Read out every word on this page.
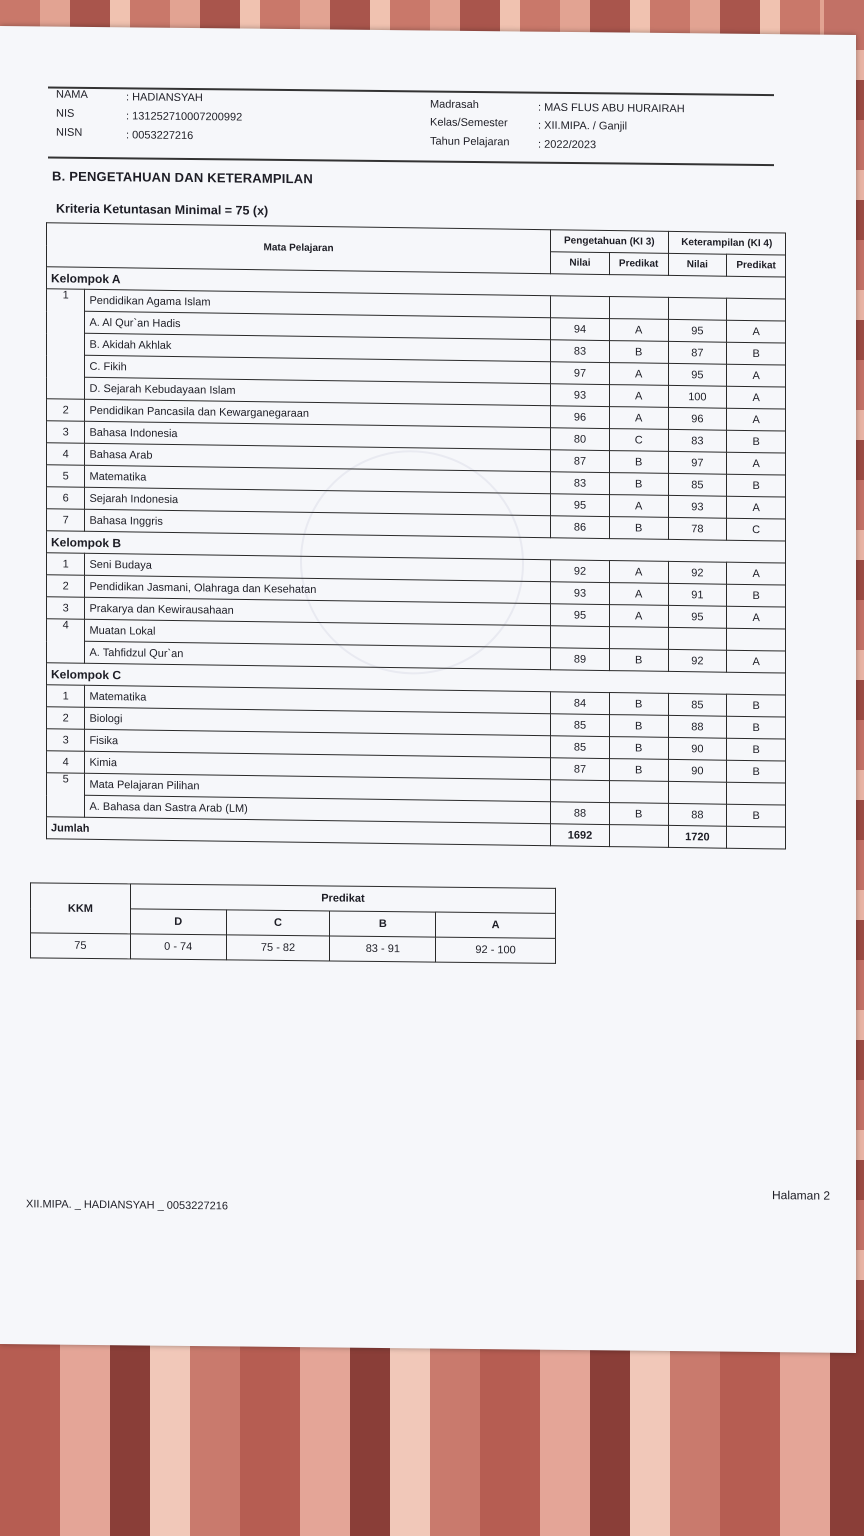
NAMA	: HADIANSYAH
NIS	: 131252710007200992
NISN	: 0053227216
Madrasah	: MAS FLUS ABU HURAIRAH
Kelas/Semester	: XII.MIPA. / Ganjil
Tahun Pelajaran	: 2022/2023
B. PENGETAHUAN DAN KETERAMPILAN
Kriteria Ketuntasan Minimal = 75 (x)
Mata Pelajaran		Pengetahuan (KI 3)		Keterampilan (KI 4)	
		Nilai	Predikat	Nilai	Predikat
Kelompok A					
1	Pendidikan Agama Islam				
	A. Al Qur`an Hadis	94	A	95	A
	B. Akidah Akhlak	83	B	87	B
	C. Fikih	97	A	95	A
	D. Sejarah Kebudayaan Islam	93	A	100	A
2	Pendidikan Pancasila dan Kewarganegaraan	96	A	96	A
3	Bahasa Indonesia	80	C	83	B
4	Bahasa Arab	87	B	97	A
5	Matematika	83	B	85	B
6	Sejarah Indonesia	95	A	93	A
7	Bahasa Inggris	86	B	78	C
Kelompok B					
1	Seni Budaya	92	A	92	A
2	Pendidikan Jasmani, Olahraga dan Kesehatan	93	A	91	B
3	Prakarya dan Kewirausahaan	95	A	95	A
4	Muatan Lokal				
	A. Tahfidzul Qur`an	89	B	92	A
Kelompok C					
1	Matematika	84	B	85	B
2	Biologi	85	B	88	B
3	Fisika	85	B	90	B
4	Kimia	87	B	90	B
5	Mata Pelajaran Pilihan				
	A. Bahasa dan Sastra Arab (LM)	88	B	88	B
Jumlah		1692		1720	
KKM	Predikat			
	D	C	B	A
75	0 - 74	75 - 82	83 - 91	92 - 100
Halaman 2
XII.MIPA. _ HADIANSYAH _ 0053227216
